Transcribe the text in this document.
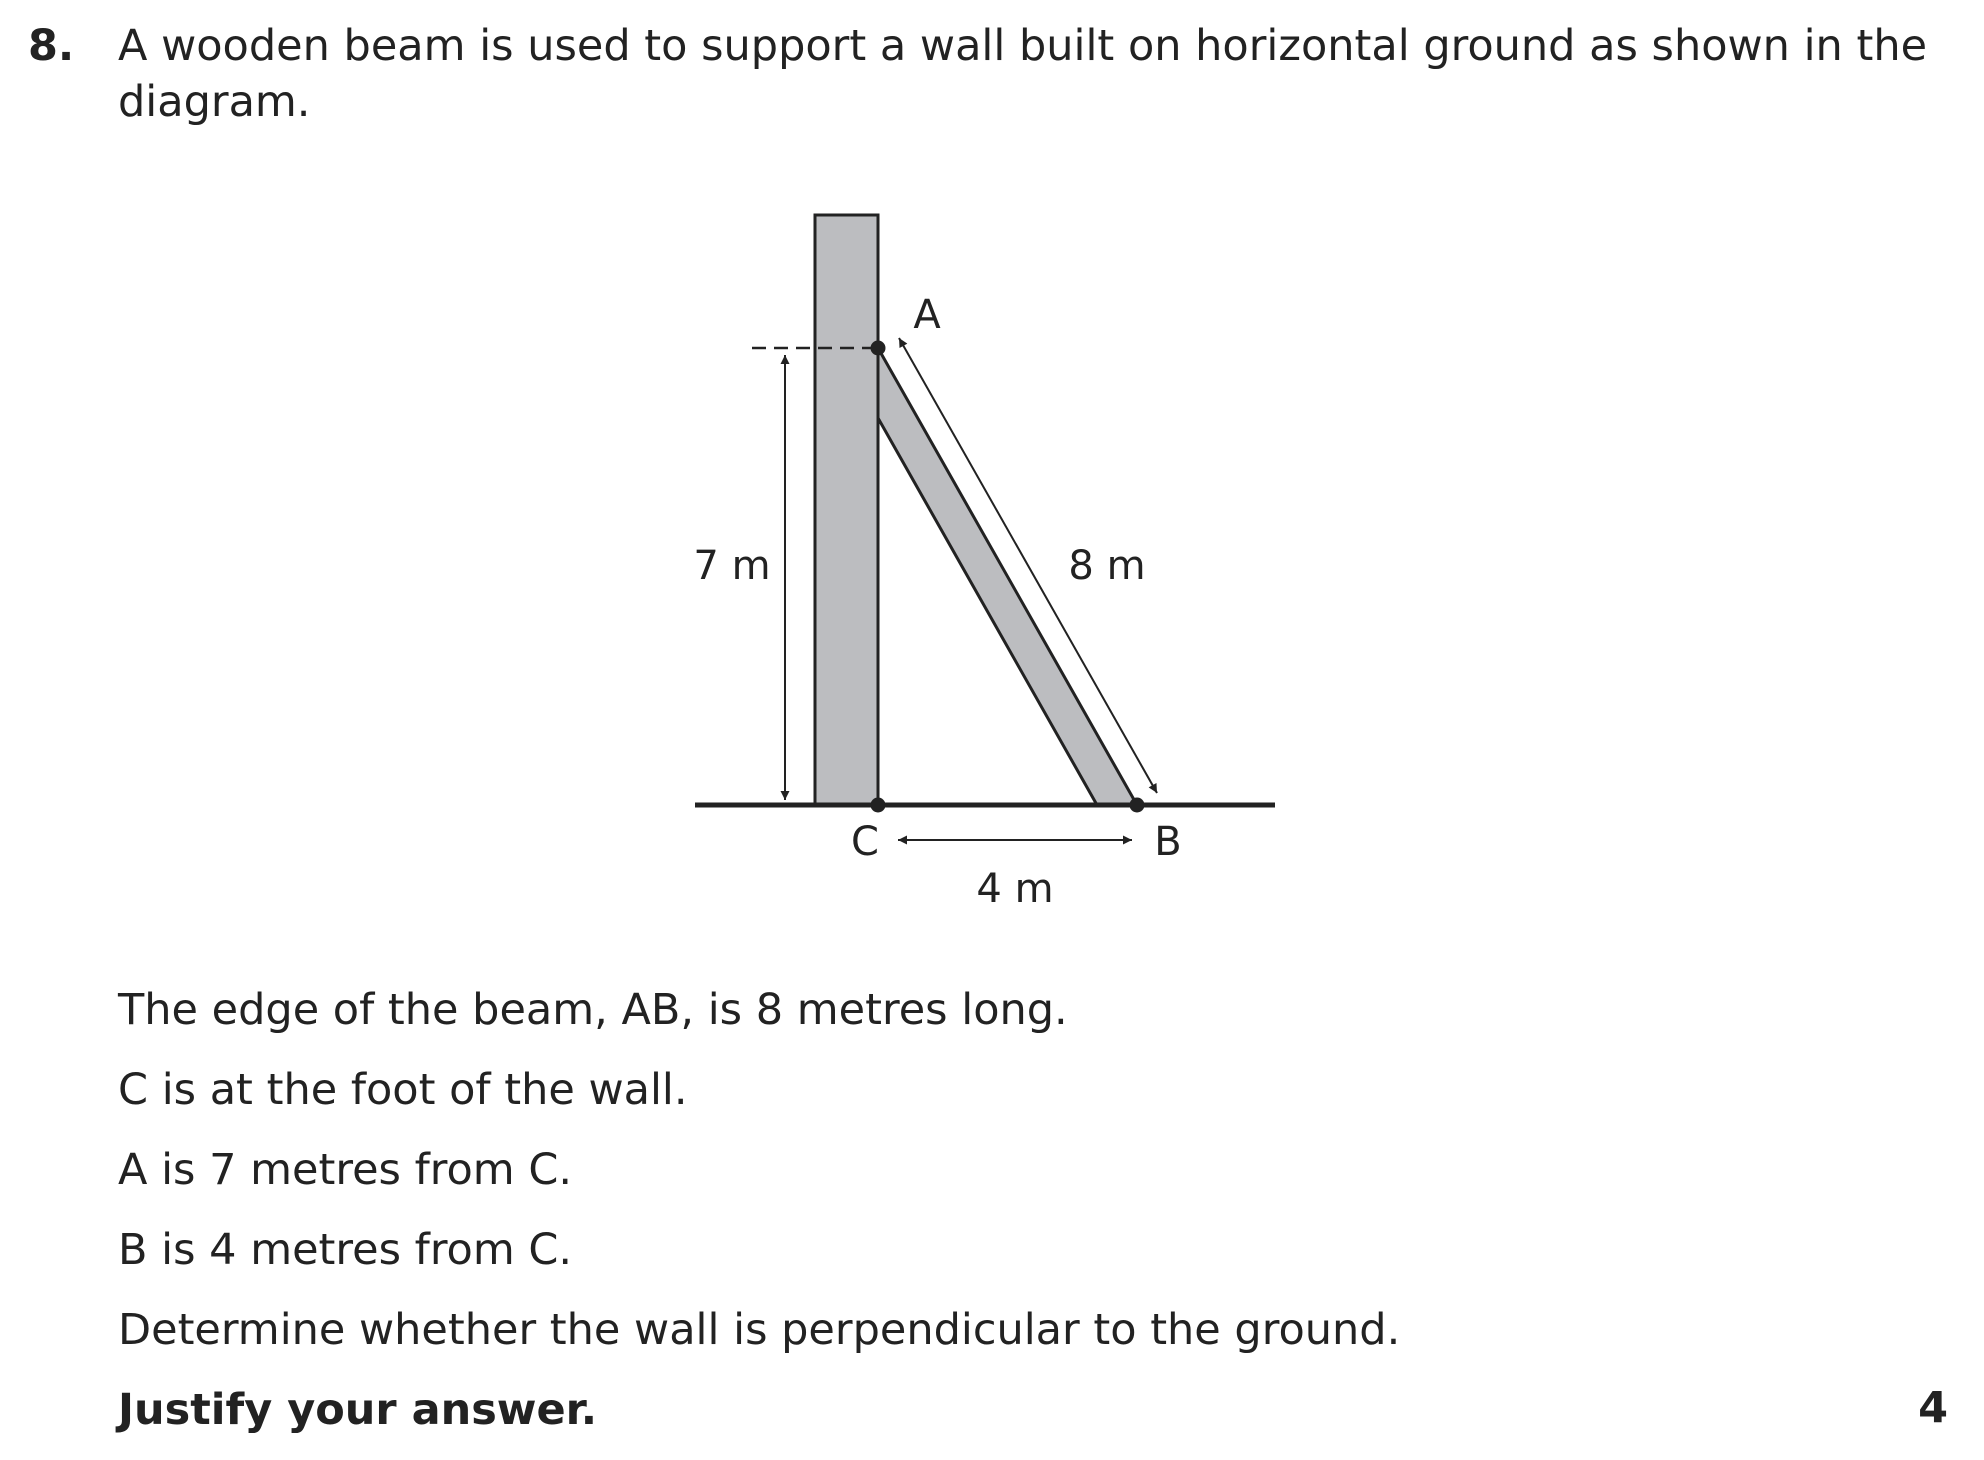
8. A wooden beam is used to support a wall built on horizontal ground as shown in the
diagram.
A
C	B
7 m	8 m
4 m
The edge of the beam, AB, is 8 metres long.
C is at the foot of the wall.
A is 7 metres from C.
B is 4 metres from C.
Determine whether the wall is perpendicular to the ground.
Justify your answer.	4
